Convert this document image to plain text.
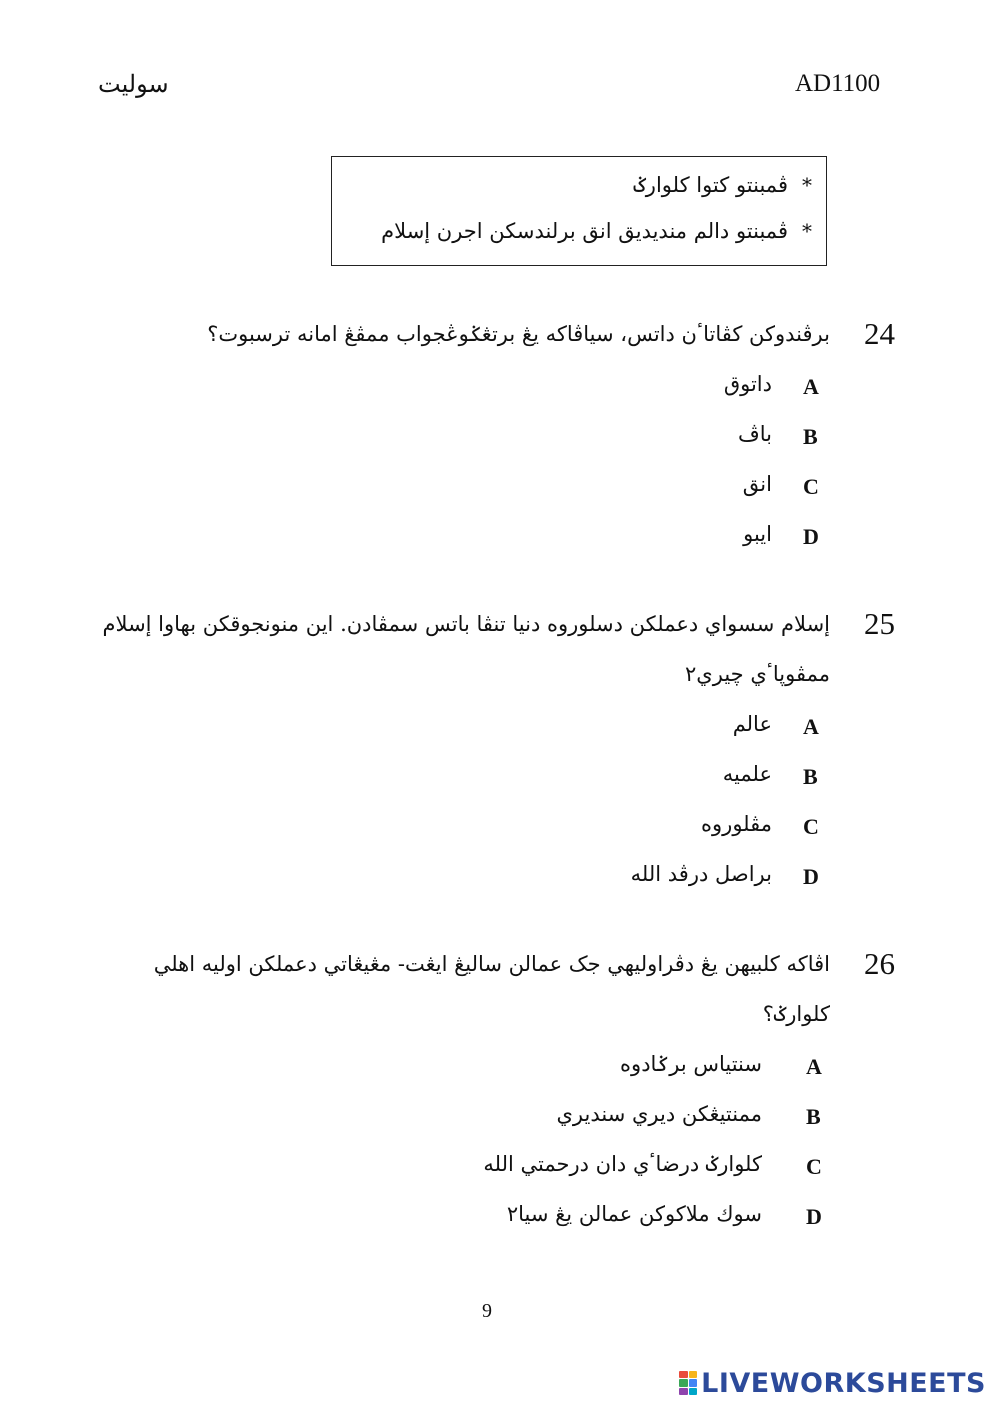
سوليت	AD1100
*ڤمبنتو كتوا كلوارݢ
*ڤمبنتو دالم منديديق انق برلندسكن اجرن إسلام
24
برڤندوكن كڤاتاٴن داتس، سياڤاكه يڠ برتڠݢوڠجواب ممڤڠ امانه ترسبوت؟
A
داتوق
B
باڤ
C
انق
D
ايبو
25
إسلام سسواي دعملكن دسلوروه دنيا تنڤا باتس سمڤادن. اين منونجوقكن بهاوا إسلام
ممڤوڽاٴي چيري٢
A
عالم
B
علميه
C
مڤلوروه
D
براصل درڤد الله
26
اڤاكه كلبيهن يڠ دڤراوليهي جک عمالن ساليڠ ايڠت- مڠيڠاتي دعملكن اوليه اهلي
كلوارݢ؟
A
سنتياس برݢادوه
B
ممنتيڠكن ديري سنديري
C
كلوارݢ درضاٴي دان درحمتي الله
D
سوك ملاكوكن عمالن يڠ سيا٢
9
LIVEWORKSHEETS
